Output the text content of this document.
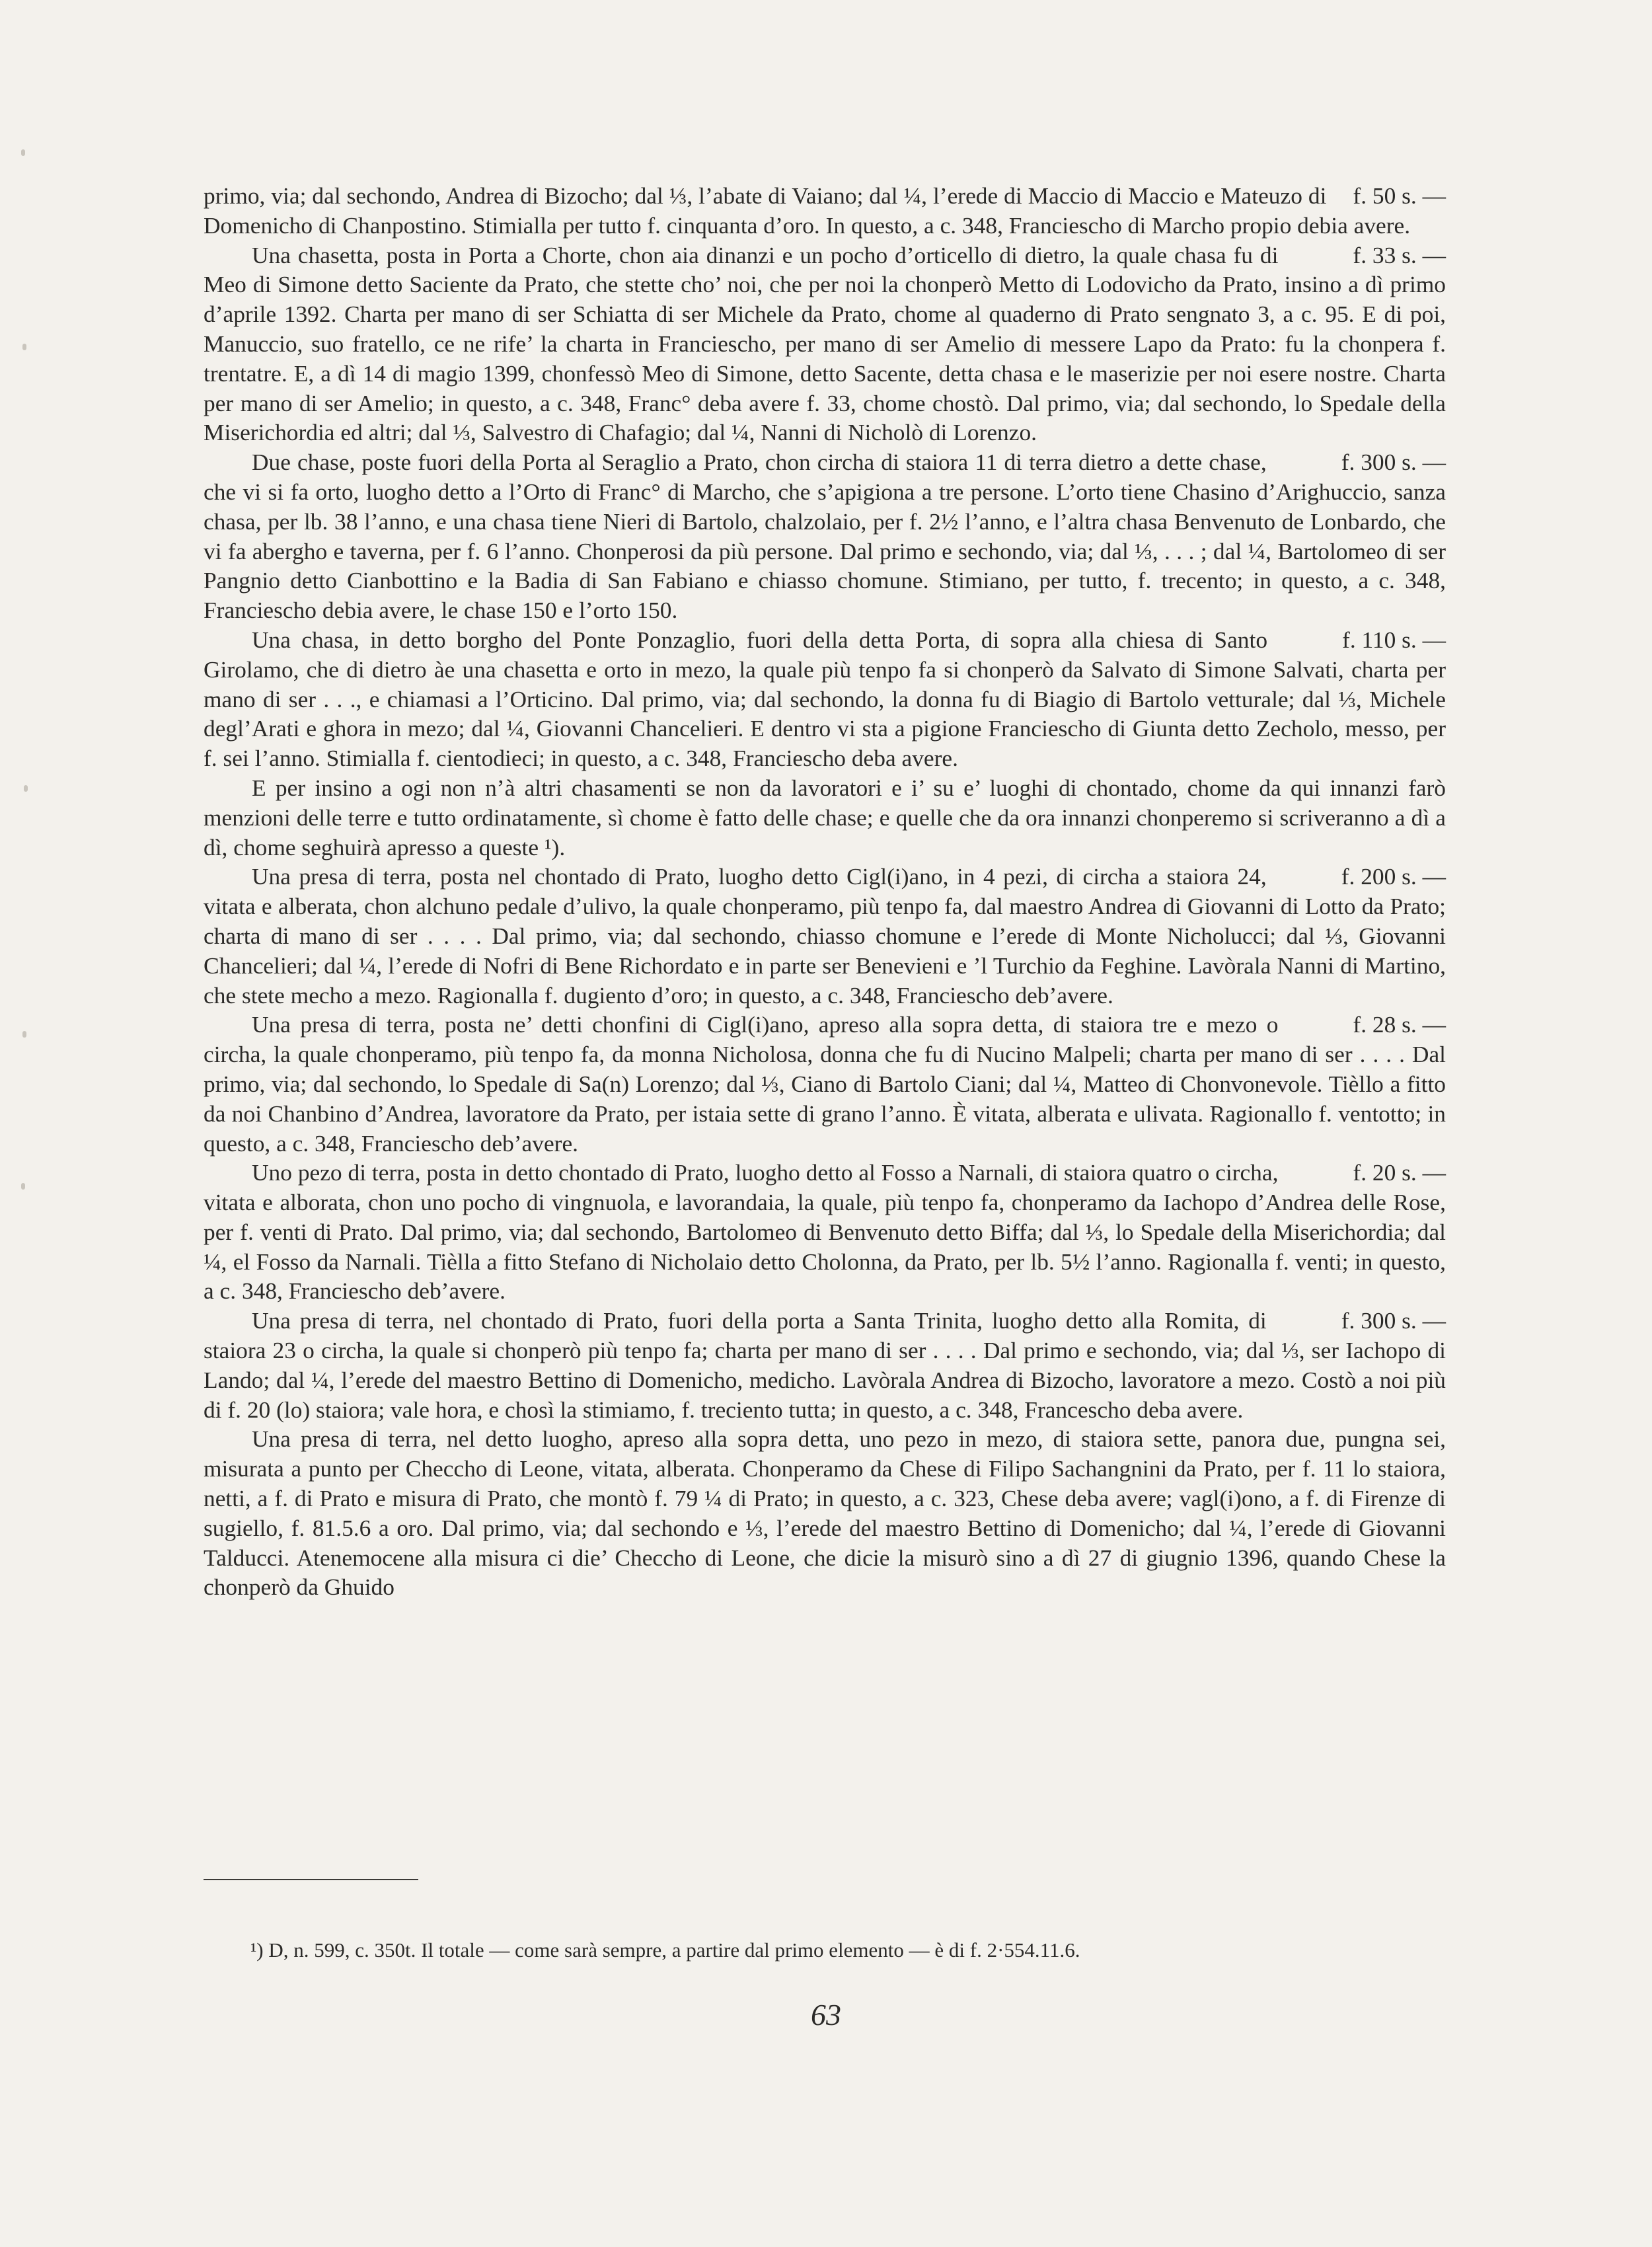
f. 50 s. —
primo, via; dal sechondo, Andrea di Bizocho; dal ⅓, l’abate di Vaiano; dal ¼, l’erede di Maccio di Maccio e Mateuzo di Domenicho di Chanpostino. Stimialla per tutto f. cinquanta d’oro. In questo, a c. 348, Franciescho di Marcho propio debia avere.

f. 33 s. —
Una chasetta, posta in Porta a Chorte, chon aia dinanzi e un pocho d’orticello di dietro, la quale chasa fu di Meo di Simone detto Saciente da Prato, che stette cho’ noi, che per noi la chonperò Metto di Lodovicho da Prato, insino a dì primo d’aprile 1392. Charta per mano di ser Schiatta di ser Michele da Prato, chome al quaderno di Prato sengnato 3, a c. 95. E di poi, Manuccio, suo fratello, ce ne rife’ la charta in Franciescho, per mano di ser Amelio di messere Lapo da Prato: fu la chonpera f. trentatre. E, a dì 14 di magio 1399, chonfessò Meo di Simone, detto Sacente, detta chasa e le maserizie per noi esere nostre. Charta per mano di ser Amelio; in questo, a c. 348, Franc° deba avere f. 33, chome chostò. Dal primo, via; dal sechondo, lo Spedale della Miserichordia ed altri; dal ⅓, Salvestro di Chafagio; dal ¼, Nanni di Nicholò di Lorenzo.

f. 300 s. —
Due chase, poste fuori della Porta al Seraglio a Prato, chon circha di staiora 11 di terra dietro a dette chase, che vi si fa orto, luogho detto a l’Orto di Franc° di Marcho, che s’apigiona a tre persone. L’orto tiene Chasino d’Arighuccio, sanza chasa, per lb. 38 l’anno, e una chasa tiene Nieri di Bartolo, chalzolaio, per f. 2½ l’anno, e l’altra chasa Benvenuto de Lonbardo, che vi fa abergho e taverna, per f. 6 l’anno. Chonperosi da più persone. Dal primo e sechondo, via; dal ⅓, . . . ; dal ¼, Bartolomeo di ser Pangnio detto Cianbottino e la Badia di San Fabiano e chiasso chomune. Stimiano, per tutto, f. trecento; in questo, a c. 348, Franciescho debia avere, le chase 150 e l’orto 150.

f. 110 s. —
Una chasa, in detto borgho del Ponte Ponzaglio, fuori della detta Porta, di sopra alla chiesa di Santo Girolamo, che di dietro àe una chasetta e orto in mezo, la quale più tenpo fa si chonperò da Salvato di Simone Salvati, charta per mano di ser . . ., e chiamasi a l’Orticino. Dal primo, via; dal sechondo, la donna fu di Biagio di Bartolo vetturale; dal ⅓, Michele degl’Arati e ghora in mezo; dal ¼, Giovanni Chancelieri. E dentro vi sta a pigione Franciescho di Giunta detto Zecholo, messo, per f. sei l’anno. Stimialla f. cientodieci; in questo, a c. 348, Franciescho deba avere.

E per insino a ogi non n’à altri chasamenti se non da lavoratori e i’ su e’ luoghi di chontado, chome da qui innanzi farò menzioni delle terre e tutto ordinatamente, sì chome è fatto delle chase; e quelle che da ora innanzi chonperemo si scriveranno a dì a dì, chome seghuirà apresso a queste ¹).

f. 200 s. —
Una presa di terra, posta nel chontado di Prato, luogho detto Cigl(i)ano, in 4 pezi, di circha a staiora 24, vitata e alberata, chon alchuno pedale d’ulivo, la quale chonperamo, più tenpo fa, dal maestro Andrea di Giovanni di Lotto da Prato; charta di mano di ser . . . . Dal primo, via; dal sechondo, chiasso chomune e l’erede di Monte Nicholucci; dal ⅓, Giovanni Chancelieri; dal ¼, l’erede di Nofri di Bene Richordato e in parte ser Benevieni e ’l Turchio da Feghine. Lavòrala Nanni di Martino, che stete mecho a mezo. Ragionalla f. dugiento d’oro; in questo, a c. 348, Franciescho deb’avere.

f. 28 s. —
Una presa di terra, posta ne’ detti chonfini di Cigl(i)ano, apreso alla sopra detta, di staiora tre e mezo o circha, la quale chonperamo, più tenpo fa, da monna Nicholosa, donna che fu di Nucino Malpeli; charta per mano di ser . . . . Dal primo, via; dal sechondo, lo Spedale di Sa(n) Lorenzo; dal ⅓, Ciano di Bartolo Ciani; dal ¼, Matteo di Chonvonevole. Tièllo a fitto da noi Chanbino d’Andrea, lavoratore da Prato, per istaia sette di grano l’anno. È vitata, alberata e ulivata. Ragionallo f. ventotto; in questo, a c. 348, Franciescho deb’avere.

f. 20 s. —
Uno pezo di terra, posta in detto chontado di Prato, luogho detto al Fosso a Narnali, di staiora quatro o circha, vitata e alborata, chon uno pocho di vingnuola, e lavorandaia, la quale, più tenpo fa, chonperamo da Iachopo d’Andrea delle Rose, per f. venti di Prato. Dal primo, via; dal sechondo, Bartolomeo di Benvenuto detto Biffa; dal ⅓, lo Spedale della Miserichordia; dal ¼, el Fosso da Narnali. Tièlla a fitto Stefano di Nicholaio detto Cholonna, da Prato, per lb. 5½ l’anno. Ragionalla f. venti; in questo, a c. 348, Franciescho deb’avere.

f. 300 s. —
Una presa di terra, nel chontado di Prato, fuori della porta a Santa Trinita, luogho detto alla Romita, di staiora 23 o circha, la quale si chonperò più tenpo fa; charta per mano di ser . . . . Dal primo e sechondo, via; dal ⅓, ser Iachopo di Lando; dal ¼, l’erede del maestro Bettino di Domenicho, medicho. Lavòrala Andrea di Bizocho, lavoratore a mezo. Costò a noi più di f. 20 (lo) staiora; vale hora, e chosì la stimiamo, f. treciento tutta; in questo, a c. 348, Francescho deba avere.

Una presa di terra, nel detto luogho, apreso alla sopra detta, uno pezo in mezo, di staiora sette, panora due, pungna sei, misurata a punto per Checcho di Leone, vitata, alberata. Chonperamo da Chese di Filipo Sachangnini da Prato, per f. 11 lo staiora, netti, a f. di Prato e misura di Prato, che montò f. 79 ¼ di Prato; in questo, a c. 323, Chese deba avere; vagl(i)ono, a f. di Firenze di sugiello, f. 81.5.6 a oro. Dal primo, via; dal sechondo e ⅓, l’erede del maestro Bettino di Domenicho; dal ¼, l’erede di Giovanni Talducci. Atenemocene alla misura ci die’ Checcho di Leone, che dicie la misurò sino a dì 27 di giugnio 1396, quando Chese la chonperò da Ghuido

¹) D, n. 599, c. 350t. Il totale — come sarà sempre, a partire dal primo elemento — è di f. 2·554.11.6.
63
